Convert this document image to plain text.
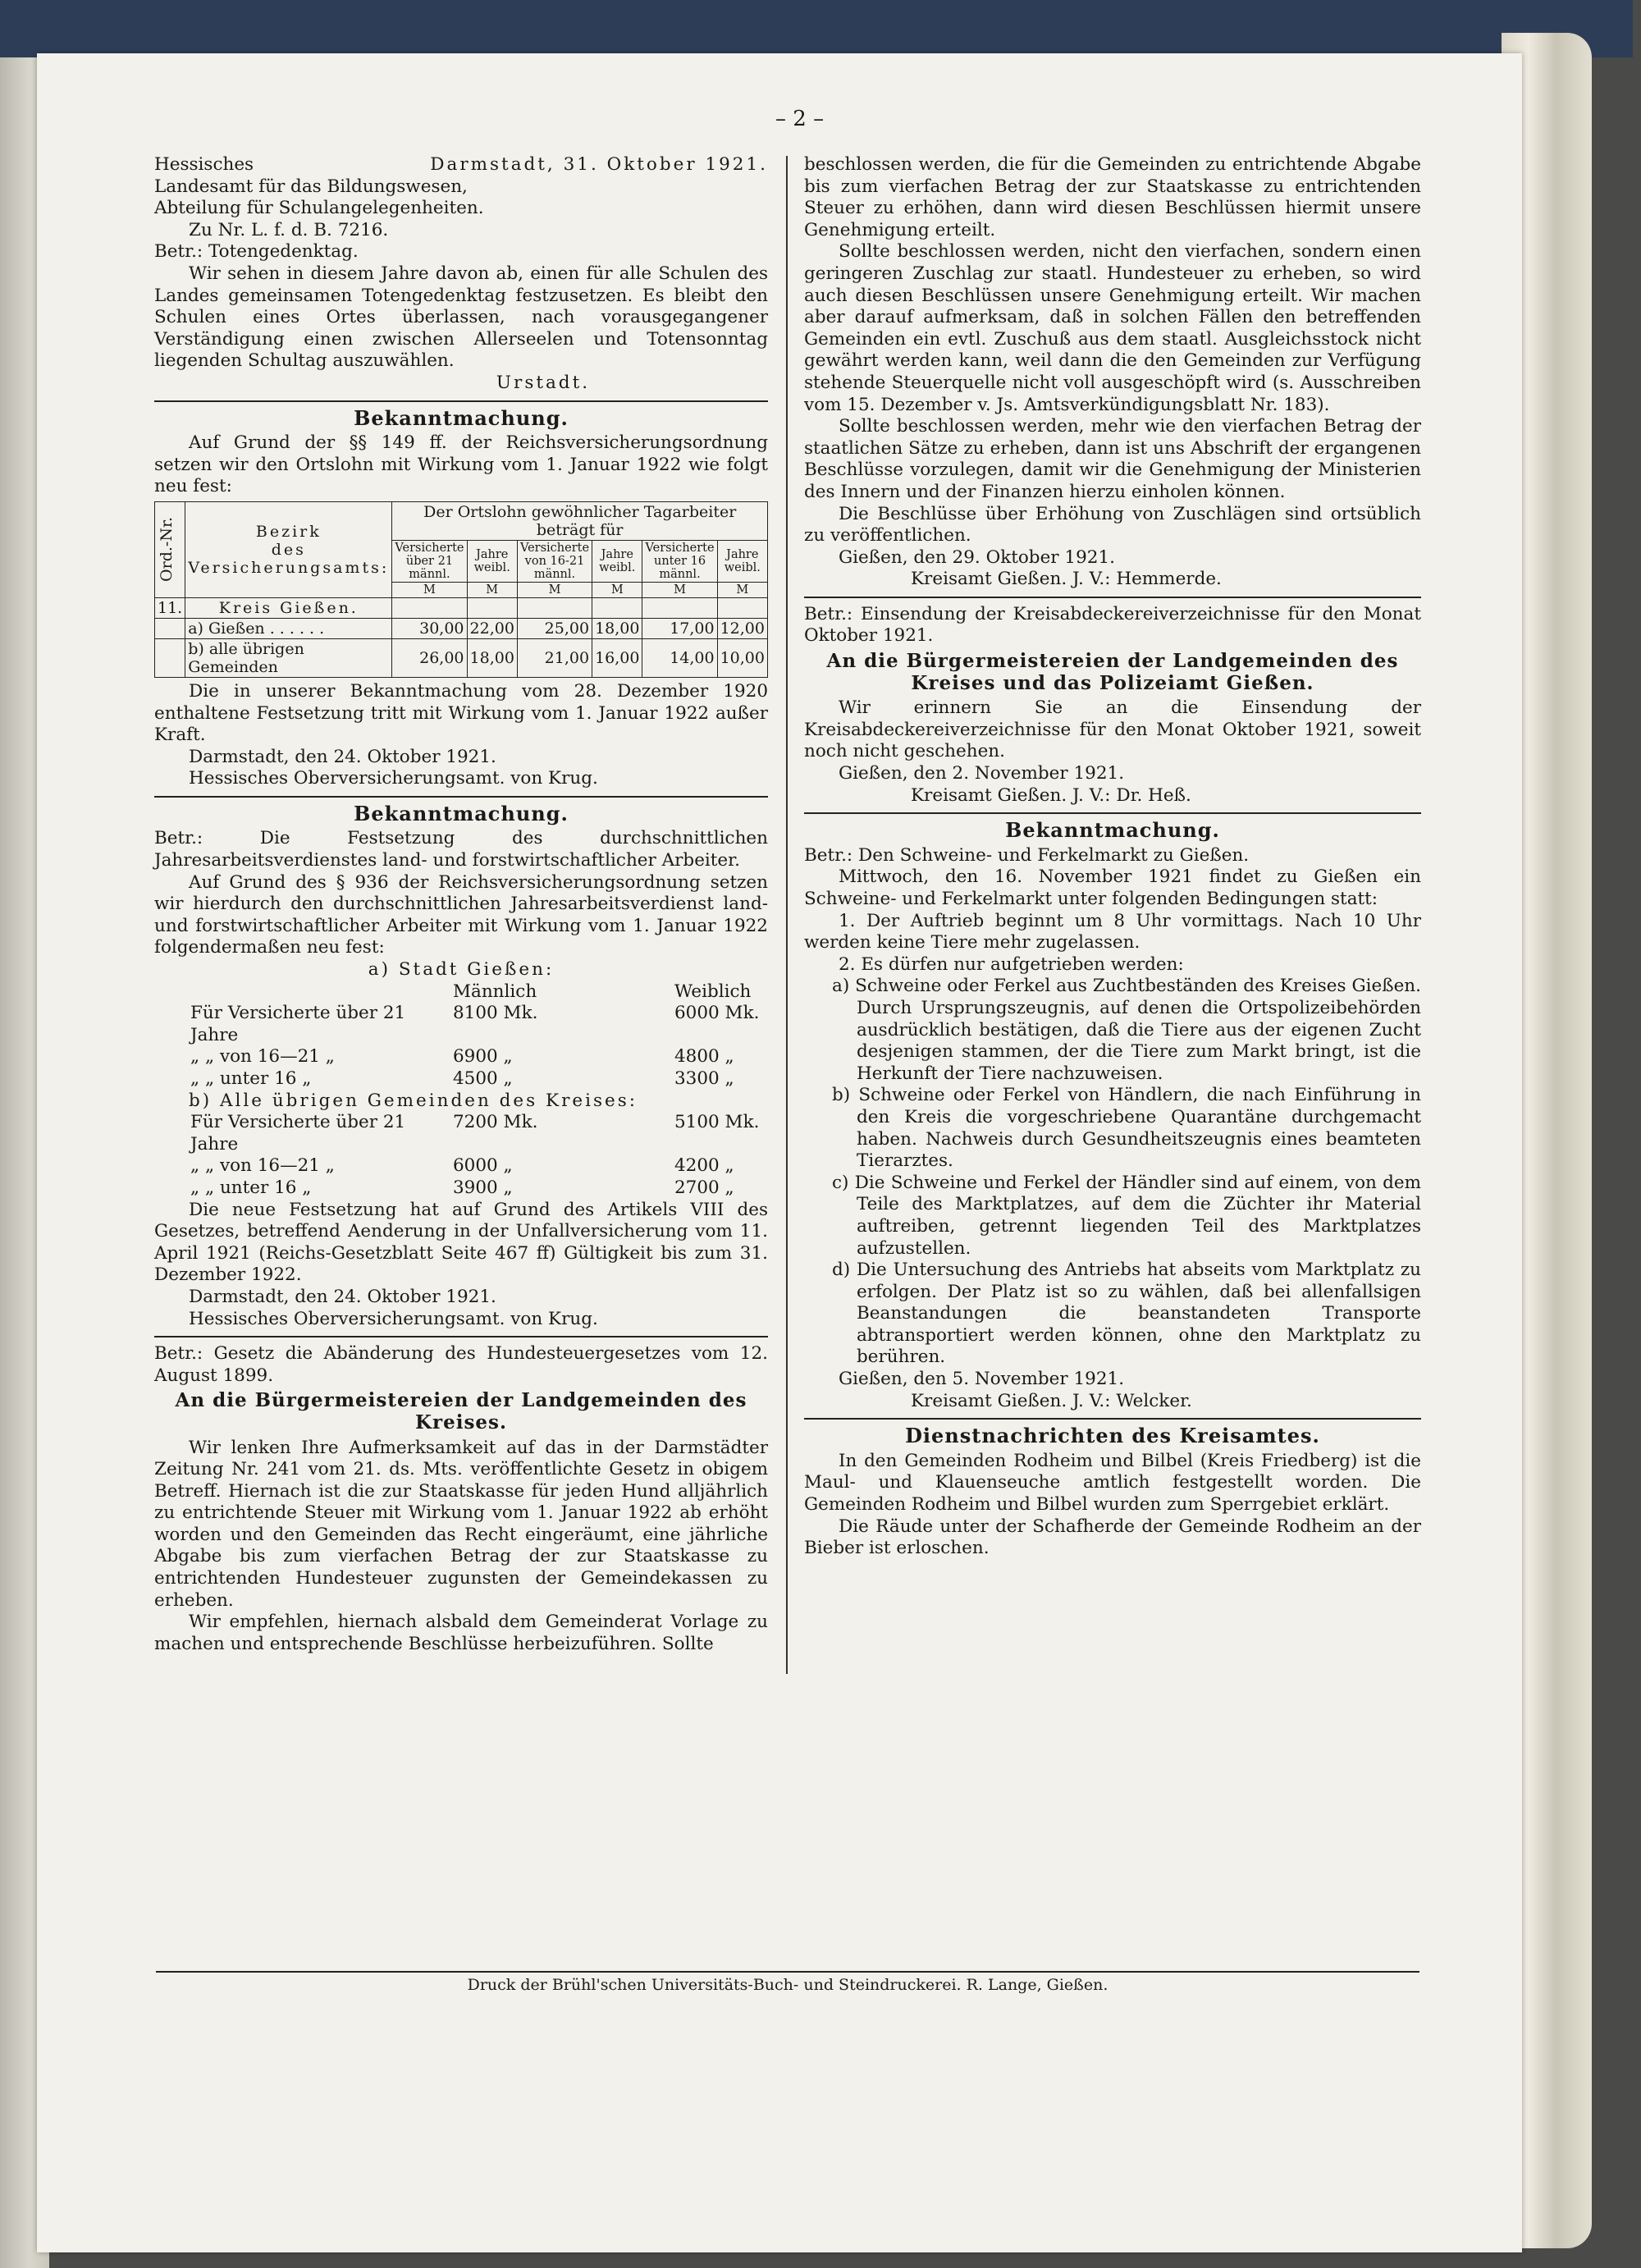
– 2 –
Hessisches	Darmstadt, 31. Oktober 1921.

Landesamt für das Bildungswesen,

Abteilung für Schulangelegenheiten.

Zu Nr. L. f. d. B. 7216.

Betr.: Totengedenktag.

Wir sehen in diesem Jahre davon ab, einen für alle Schulen des Landes gemeinsamen Totengedenktag festzusetzen. Es bleibt den Schulen eines Ortes überlassen, nach vorausgegangener Verständigung einen zwischen Allerseelen und Totensonntag liegenden Schultag auszuwählen.

Urstadt.

Bekanntmachung.

Auf Grund der §§ 149 ff. der Reichsversicherungsordnung setzen wir den Ortslohn mit Wirkung vom 1. Januar 1922 wie folgt neu fest:

Ord.-Nr.	Bezirk
des
Versicherungsamts:	Der Ortslohn gewöhnlicher Tagarbeiter beträgt für					
		Versicherte über 21 männl.	Jahre weibl.	Versicherte von 16-21 männl.	Jahre weibl.	Versicherte unter 16 männl.	Jahre weibl.
		M	M	M	M	M	M
11.	Kreis Gießen.						
	a) Gießen . . . . . .	30,00	22,00	25,00	18,00	17,00	12,00
	b) alle übrigen Gemeinden	26,00	18,00	21,00	16,00	14,00	10,00

Die in unserer Bekanntmachung vom 28. Dezember 1920 enthaltene Festsetzung tritt mit Wirkung vom 1. Januar 1922 außer Kraft.

Darmstadt, den 24. Oktober 1921.

Hessisches Oberversicherungsamt. von Krug.

Bekanntmachung.

Betr.: Die Festsetzung des durchschnittlichen Jahresarbeitsverdienstes land- und forstwirtschaftlicher Arbeiter.

Auf Grund des § 936 der Reichsversicherungsordnung setzen wir hierdurch den durchschnittlichen Jahresarbeitsverdienst land- und forstwirtschaftlicher Arbeiter mit Wirkung vom 1. Januar 1922 folgendermaßen neu fest:

a) Stadt Gießen:

Männlich	Weiblich
Für Versicherte über 21 Jahre
8100 Mk.	6000 Mk.
„ „ von 16—21 „	6900 „	4800 „
„ „ unter 16 „	4500 „	3300 „

b) Alle übrigen Gemeinden des Kreises:

Für Versicherte über 21 Jahre
7200 Mk.	5100 Mk.
„ „ von 16—21 „	6000 „	4200 „
„ „ unter 16 „	3900 „	2700 „

Die neue Festsetzung hat auf Grund des Artikels VIII des Gesetzes, betreffend Aenderung in der Unfallversicherung vom 11. April 1921 (Reichs-Gesetzblatt Seite 467 ff) Gültigkeit bis zum 31. Dezember 1922.

Darmstadt, den 24. Oktober 1921.

Hessisches Oberversicherungsamt. von Krug.

Betr.: Gesetz die Abänderung des Hundesteuergesetzes vom 12. August 1899.

An die Bürgermeistereien der Landgemeinden des Kreises.

Wir lenken Ihre Aufmerksamkeit auf das in der Darmstädter Zeitung Nr. 241 vom 21. ds. Mts. veröffentlichte Gesetz in obigem Betreff. Hiernach ist die zur Staatskasse für jeden Hund alljährlich zu entrichtende Steuer mit Wirkung vom 1. Januar 1922 ab erhöht worden und den Gemeinden das Recht eingeräumt, eine jährliche Abgabe bis zum vierfachen Betrag der zur Staatskasse zu entrichtenden Hundesteuer zugunsten der Gemeindekassen zu erheben.

Wir empfehlen, hiernach alsbald dem Gemeinderat Vorlage zu machen und entsprechende Beschlüsse herbeizuführen. Sollte

beschlossen werden, die für die Gemeinden zu entrichtende Abgabe bis zum vierfachen Betrag der zur Staatskasse zu entrichtenden Steuer zu erhöhen, dann wird diesen Beschlüssen hiermit unsere Genehmigung erteilt.

Sollte beschlossen werden, nicht den vierfachen, sondern einen geringeren Zuschlag zur staatl. Hundesteuer zu erheben, so wird auch diesen Beschlüssen unsere Genehmigung erteilt. Wir machen aber darauf aufmerksam, daß in solchen Fällen den betreffenden Gemeinden ein evtl. Zuschuß aus dem staatl. Ausgleichsstock nicht gewährt werden kann, weil dann die den Gemeinden zur Verfügung stehende Steuerquelle nicht voll ausgeschöpft wird (s. Ausschreiben vom 15. Dezember v. Js. Amtsverkündigungsblatt Nr. 183).

Sollte beschlossen werden, mehr wie den vierfachen Betrag der staatlichen Sätze zu erheben, dann ist uns Abschrift der ergangenen Beschlüsse vorzulegen, damit wir die Genehmigung der Ministerien des Innern und der Finanzen hierzu einholen können.

Die Beschlüsse über Erhöhung von Zuschlägen sind ortsüblich zu veröffentlichen.

Gießen, den 29. Oktober 1921.

Kreisamt Gießen. J. V.: Hemmerde.

Betr.: Einsendung der Kreisabdeckereiverzeichnisse für den Monat Oktober 1921.

An die Bürgermeistereien der Landgemeinden des Kreises und das Polizeiamt Gießen.

Wir erinnern Sie an die Einsendung der Kreisabdeckereiverzeichnisse für den Monat Oktober 1921, soweit noch nicht geschehen.

Gießen, den 2. November 1921.

Kreisamt Gießen. J. V.: Dr. Heß.

Bekanntmachung.

Betr.: Den Schweine- und Ferkelmarkt zu Gießen.

Mittwoch, den 16. November 1921 findet zu Gießen ein Schweine- und Ferkelmarkt unter folgenden Bedingungen statt:

1. Der Auftrieb beginnt um 8 Uhr vormittags. Nach 10 Uhr werden keine Tiere mehr zugelassen.

2. Es dürfen nur aufgetrieben werden:

a) Schweine oder Ferkel aus Zuchtbeständen des Kreises Gießen. Durch Ursprungszeugnis, auf denen die Ortspolizeibehörden ausdrücklich bestätigen, daß die Tiere aus der eigenen Zucht desjenigen stammen, der die Tiere zum Markt bringt, ist die Herkunft der Tiere nachzuweisen.

b) Schweine oder Ferkel von Händlern, die nach Einführung in den Kreis die vorgeschriebene Quarantäne durchgemacht haben. Nachweis durch Gesundheitszeugnis eines beamteten Tierarztes.

c) Die Schweine und Ferkel der Händler sind auf einem, von dem Teile des Marktplatzes, auf dem die Züchter ihr Material auftreiben, getrennt liegenden Teil des Marktplatzes aufzustellen.

d) Die Untersuchung des Antriebs hat abseits vom Marktplatz zu erfolgen. Der Platz ist so zu wählen, daß bei allenfallsigen Beanstandungen die beanstandeten Transporte abtransportiert werden können, ohne den Marktplatz zu berühren.

Gießen, den 5. November 1921.

Kreisamt Gießen. J. V.: Welcker.

Dienstnachrichten des Kreisamtes.

In den Gemeinden Rodheim und Bilbel (Kreis Friedberg) ist die Maul- und Klauenseuche amtlich festgestellt worden. Die Gemeinden Rodheim und Bilbel wurden zum Sperrgebiet erklärt.

Die Räude unter der Schafherde der Gemeinde Rodheim an der Bieber ist erloschen.

Druck der Brühl'schen Universitäts-Buch- und Steindruckerei. R. Lange, Gießen.
